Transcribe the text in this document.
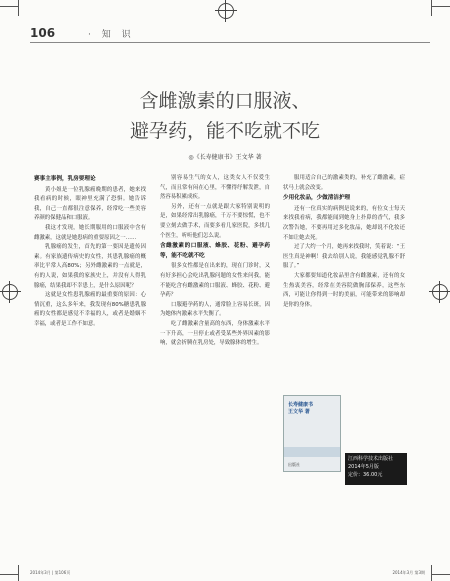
106	· 知 识
含雌激素的口服液、
避孕药，能不吃就不吃
◎《长寿健康书》王文华 著
赛事主事例，乳房要理论

黄小姐是一位乳腺癌晚期的患者，她来找我看病的时候，眼神里充满了恐惧。她告诉我，自己一直都很注意保养，经常吃一些美容养颜的保健品和口服液。

我这才发现，她长期服用的口服液中含有雌激素，这就是她患病的重要原因之一……

乳腺癌的发生，首先的第一要因是遗传因素。有家族遗传病史的女性，其患乳腺癌的概率比平常人高80%；另外雌激素的一点就是，有的人说，如果我的家族史上，并没有人得乳腺癌，结果我却不幸患上，是什么原因呢？

这就是女性患乳腺癌的最重要的原因：心情沉重，这么多年来，我发现有80%糖患乳腺癌的女性都是感觉不幸福的人，或者是婚姻不幸福，或者是工作不如意。

别容易生气的女人，这类女人不仅爱生气，而且常有闷在心里，不懂得纾解发泄，自然容易积累成疾。

另外，还有一点就是跟大家特别说明的是，如果经常出乳腺癌，千万不要惊慌，也不要立刻去做手术，而要多看几家医院，多找几个医生，听听他们怎么说。

含雌激素的口服液、蜂胶、花粉、避孕药等，能不吃就不吃

很多女性都是在出来的，现在门诊时，又有好多担心会吃出乳腺问题的女性来问我，能不能吃含有雌激素的口服液、蜂胶、花粉、避孕药？

口服避孕药的人，通常脸上容易长斑，因为她体内激素水平失衡了。

吃了雌激素含量高的东西，身体激素水平一下升高，一旦停止或者受某些外界因素的影响，就会折腾在乳房处，导致腺体的增生。

服用适合自己的激素类的，补充了雌激素，症状马上就会改变。

少用化妆品，少做清洁护理

还有一位真实的病例是说来的，有位女士每天来找我看病，我都能闻到她身上扑鼻的香气，我多次警告她，不要再用过多化妆品，她却说不化妆还不如让她去死。

过了大约一个月，她再来找我时，笑着说：“王医生真是神啊！我去给别人说，我能感觉乳腺不舒服了。”

大家都要知道化妆品里含有雌激素，还有的女生热衷美容，经常在美容院做胸部保养，这些东西，可能让你得到一时的美丽，可能带来的影响却是你的身体。

长寿健康书
王文华 著
出版社
江西科学技术出版社
2014年5月版
定价：36.00元
2014年3月 | 第106页	2014年3月 第3期
